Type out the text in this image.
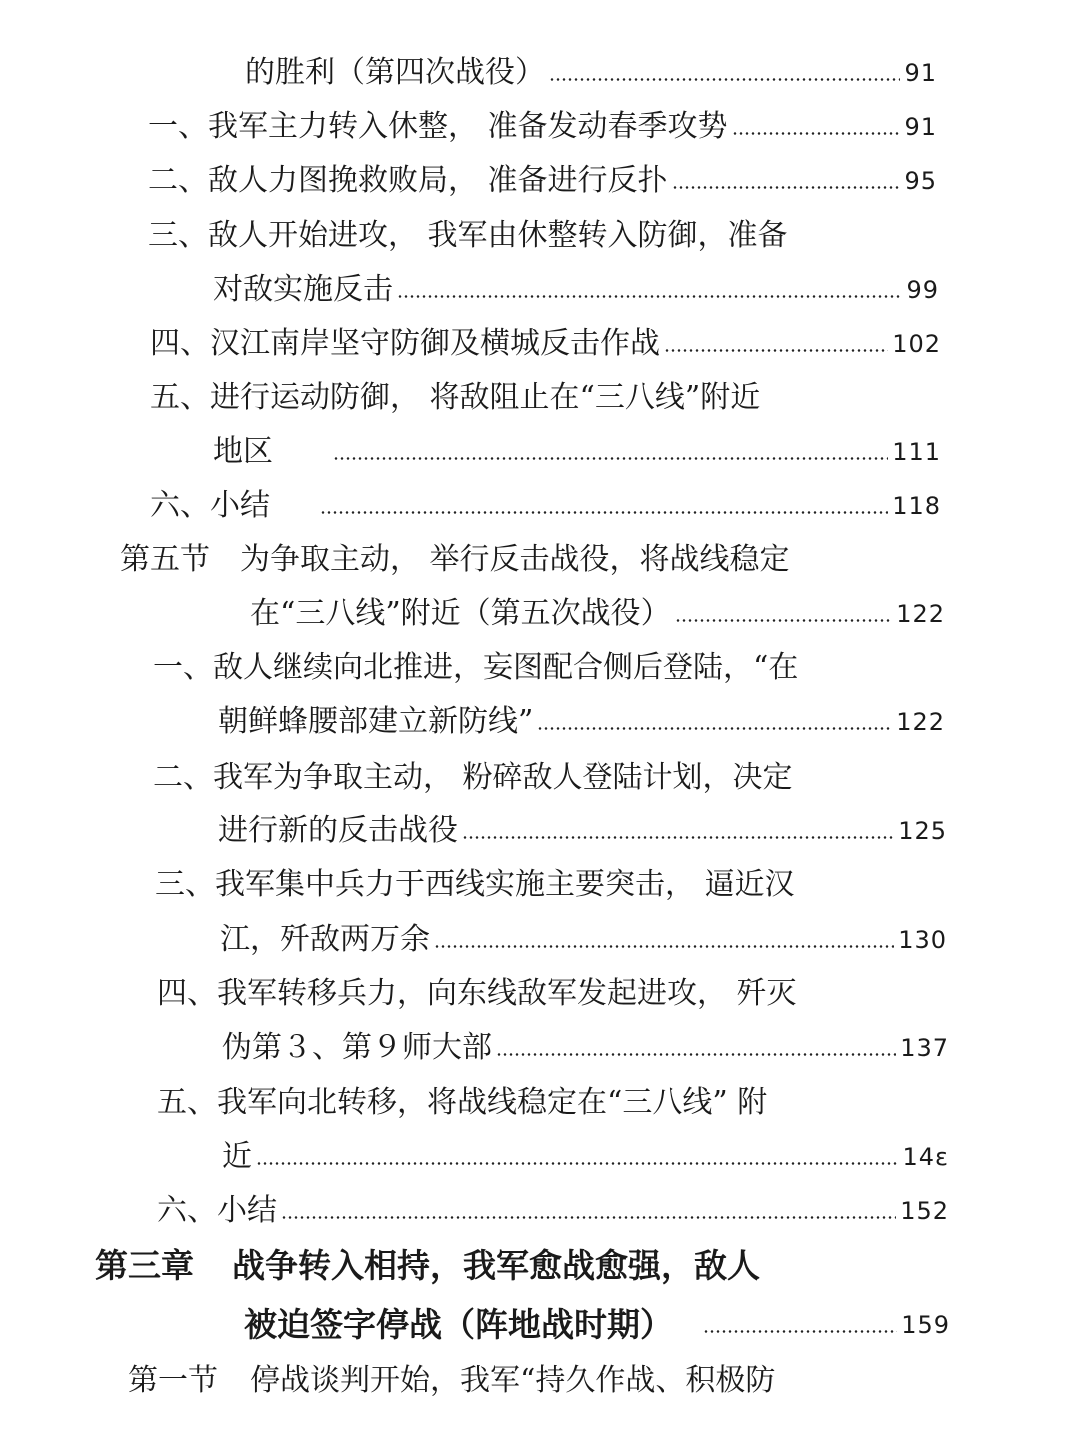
的胜利（第四次战役）	91
一、 我军主力转入休整， 准备发动春季攻势	91
二、 敌人力图挽救败局， 准备进行反扑	95
三、 敌人开始进攻， 我军由休整转入防御，准备
对敌实施反击	99
四、 汉江南岸坚守防御及横城反击作战	102
五、 进行运动防御， 将敌阻止在“三八线”附近
地区	111
六、 小结	118
第五节 为争取主动， 举行反击战役，将战线稳定
在“三八线”附近（第五次战役）	122
一、 敌人继续向北推进，妄图配合侧后登陆，“在
朝鲜蜂腰部建立新防线”	122
二、 我军为争取主动， 粉碎敌人登陆计划，决定
进行新的反击战役	125
三、 我军集中兵力于西线实施主要突击， 逼近汉
江，歼敌两万余	130
四、 我军转移兵力，向东线敌军发起进攻， 歼灭
伪第３、第９师大部	137
五、 我军向北转移，将战线稳定在“三八线” 附
近	14ε
六、 小结	152
第三章 战争转入相持，我军愈战愈强，敌人
被迫签字停战（阵地战时期）	159
第一节 停战谈判开始，我军“持久作战、积极防
